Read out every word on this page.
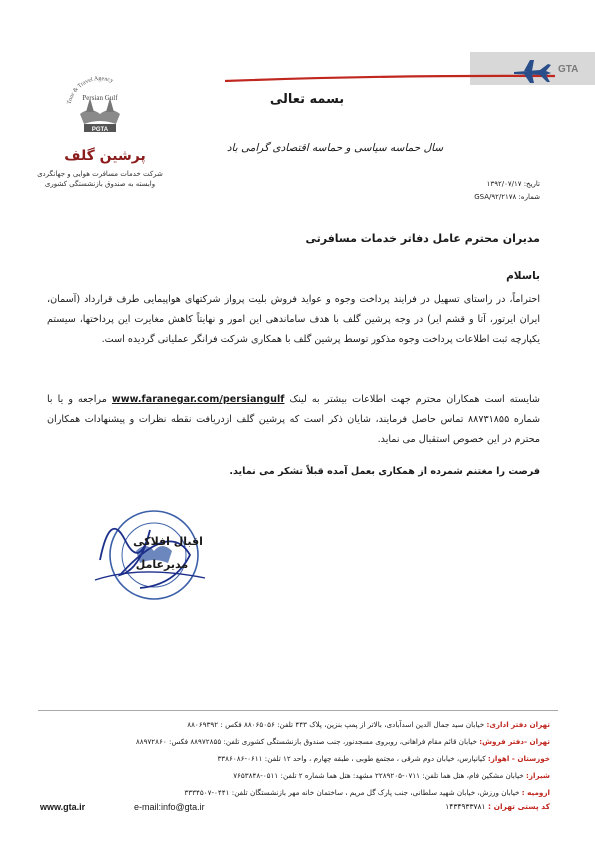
GTA
Tour & Travel Agency
Persian Gulf
PGTA
پرشین گلف
شرکت خدمات مسافرت هوایی و جهانگردی
وابسته به صندوق بازنشستگی کشوری
بسمه تعالی
سال حماسه سیاسی و حماسه اقتصادی گرامی باد
تاریخ: ۱۳۹۲/۰۷/۱۷
شماره: GSA/۹۲/۲۱۷۸
مدیران محترم عامل دفاتر خدمات مسافرتی
باسلام
احتراماً، در راستای تسهیل در فرایند پرداخت وجوه و عواید فروش بلیت پرواز شرکتهای هواپیمایی طرف قرارداد (آسمان، ایران ایرتور، آتا و قشم ایر) در وجه پرشین گلف با هدف ساماندهی این امور و نهایتاً کاهش مغایرت این پرداختها، سیستم یکپارچه ثبت اطلاعات پرداخت وجوه مذکور توسط پرشین گلف با همکاری شرکت فرانگر عملیاتی گردیده است.
شایسته است همکاران محترم جهت اطلاعات بیشتر به لینک www.faranegar.com/persiangulf مراجعه و یا با شماره ۸۸۷۳۱۸۵۵ تماس حاصل فرمایند، شایان ذکر است که پرشین گلف ازدریافت نقطه نظرات و پیشنهادات همکاران محترم در این خصوص استقبال می نماید.
فرصت را مغتنم شمرده از همکاری بعمل آمده قبلاً تشکر می نماید.
اقبال افلاکی
مدیرعامل
تهران دفتر اداری: خیابان سید جمال الدین اسدآبادی، بالاتر از پمپ بنزین، پلاک ۴۴۳ تلفن: ۸۸۰۶۵۰۵۶ فکس : ۸۸۰۶۹۳۹۲
تهران -دفتر فروش: خیابان قائم مقام فراهانی، روبروی مسجدنور، جنب صندوق بازنشستگی کشوری تلفن: ۸۸۹۷۲۸۵۵ فکس: ۸۸۹۷۲۸۶۰
خوزستان - اهواز: کیانپارس، خیابان دوم شرقی ، مجتمع طوبی ، طبقه چهارم ، واحد ۱۲ تلفن: ۰۶۱۱-۳۳۸۶۰۸۶
شیراز: خیابان مشکین فام، هتل هما تلفن: ۰۷۱۱-۲۲۸۹۲۰۵ مشهد: هتل هما شماره ۲ تلفن: ۰۵۱۱-۷۶۵۳۸۴۸
ارومیه : خیابان ورزش، خیابان شهید سلطانی، جنب پارک گل مریم ، ساختمان خانه مهر بازنشستگان تلفن: ۰۴۴۱-۳۳۳۴۵۰۷
کد پستی تهران : ۱۴۳۴۹۳۳۷۸۱
www.gta.ir	e-mail:info@gta.ir
